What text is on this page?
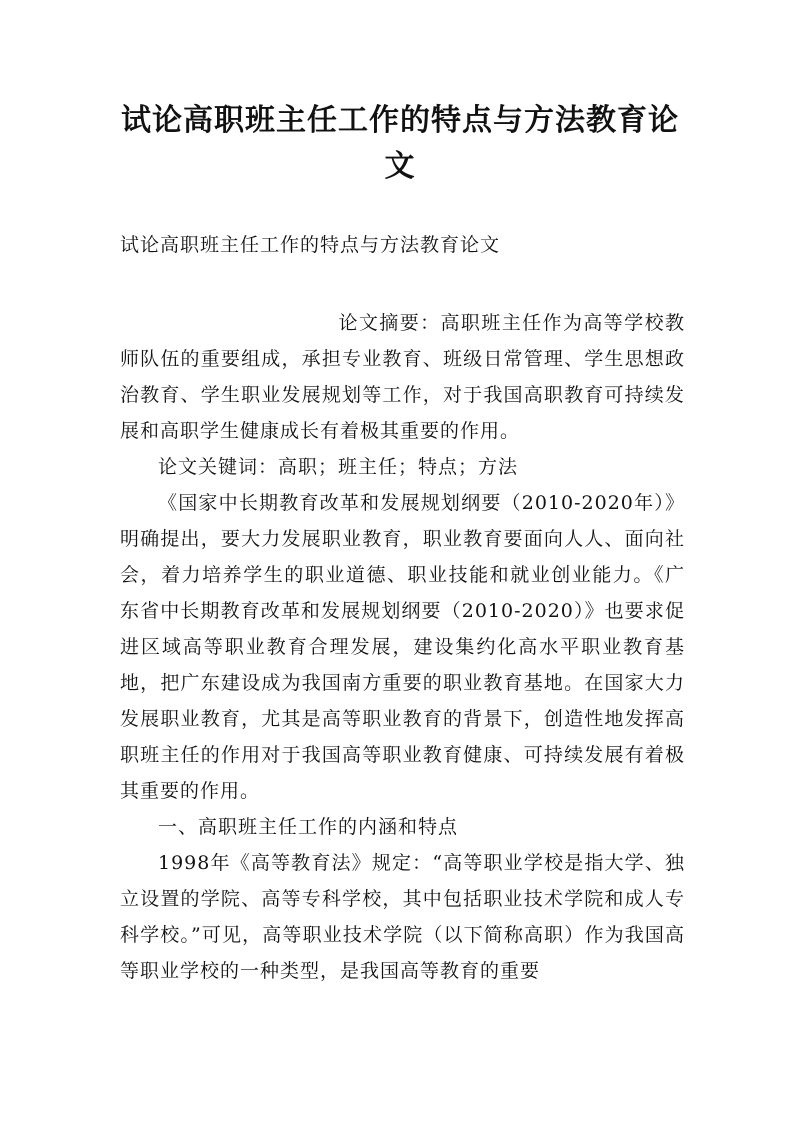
试论高职班主任工作的特点与方法教育论文

试论高职班主任工作的特点与方法教育论文

论文摘要：高职班主任作为高等学校教师队伍的重要组成，承担专业教育、班级日常管理、学生思想政治教育、学生职业发展规划等工作，对于我国高职教育可持续发展和高职学生健康成长有着极其重要的作用。

论文关键词：高职；班主任；特点；方法

《国家中长期教育改革和发展规划纲要（2010-2020年）》明确提出，要大力发展职业教育，职业教育要面向人人、面向社会，着力培养学生的职业道德、职业技能和就业创业能力。《广东省中长期教育改革和发展规划纲要（2010-2020）》也要求促进区域高等职业教育合理发展，建设集约化高水平职业教育基地，把广东建设成为我国南方重要的职业教育基地。在国家大力发展职业教育，尤其是高等职业教育的背景下，创造性地发挥高职班主任的作用对于我国高等职业教育健康、可持续发展有着极其重要的作用。

一、高职班主任工作的内涵和特点

1998年《高等教育法》规定：“高等职业学校是指大学、独立设置的学院、高等专科学校，其中包括职业技术学院和成人专科学校。”可见，高等职业技术学院（以下简称高职）作为我国高等职业学校的一种类型，是我国高等教育的重要
